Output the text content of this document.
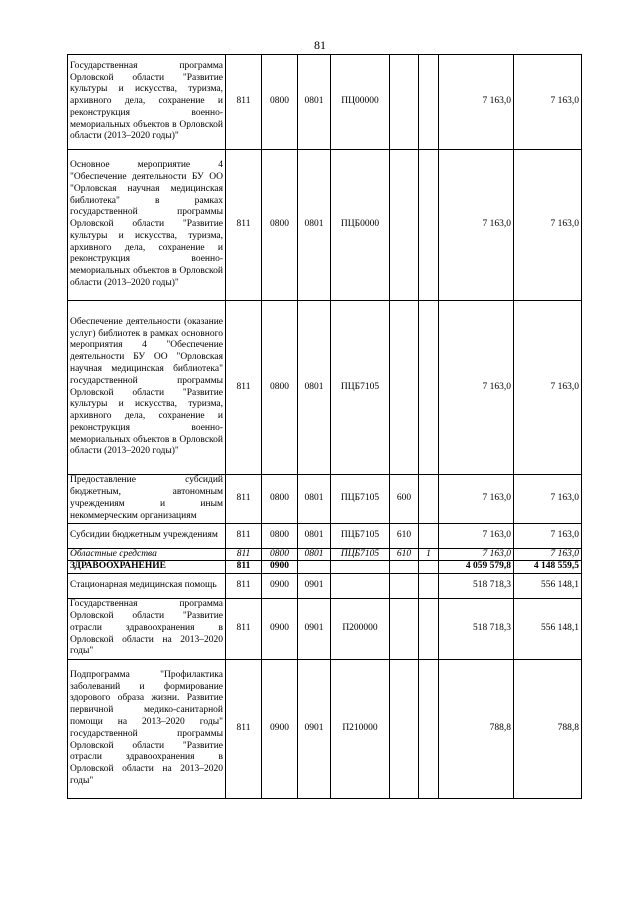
81
Государственная программа Орловской области "Развитие культуры и искусства, туризма, архивного дела, сохранение и реконструкция военно-мемориальных объектов в Орловской области (2013–2020 годы)"	811	0800	0801	ПЦ00000			7 163,0	7 163,0
Основное мероприятие 4 "Обеспечение деятельности БУ ОО "Орловская научная медицинская библиотека" в рамках государственной программы Орловской области "Развитие культуры и искусства, туризма, архивного дела, сохранение и реконструкция военно-мемориальных объектов в Орловской области (2013–2020 годы)"	811	0800	0801	ПЦБ0000			7 163,0	7 163,0
Обеспечение деятельности (оказание услуг) библиотек в рамках основного мероприятия 4 "Обеспечение деятельности БУ ОО "Орловская научная медицинская библиотека" государственной программы Орловской области "Развитие культуры и искусства, туризма, архивного дела, сохранение и реконструкция военно-мемориальных объектов в Орловской области (2013–2020 годы)"	811	0800	0801	ПЦБ7105			7 163,0	7 163,0
Предоставление субсидий бюджетным, автономным учреждениям и иным некоммерческим организациям	811	0800	0801	ПЦБ7105	600		7 163,0	7 163,0
Субсидии бюджетным учреждениям	811	0800	0801	ПЦБ7105	610		7 163,0	7 163,0
Областные средства	811	0800	0801	ПЦБ7105	610	1	7 163,0	7 163,0
ЗДРАВООХРАНЕНИЕ	811	0900					4 059 579,8	4 148 559,5
Стационарная медицинская помощь	811	0900	0901				518 718,3	556 148,1
Государственная программа Орловской области "Развитие отрасли здравоохранения в Орловской области на 2013–2020 годы"	811	0900	0901	П200000			518 718,3	556 148,1
Подпрограмма "Профилактика заболеваний и формирование здорового образа жизни. Развитие первичной медико-санитарной помощи на 2013–2020 годы" государственной программы Орловской области "Развитие отрасли здравоохранения в Орловской области на 2013–2020 годы"	811	0900	0901	П210000			788,8	788,8
